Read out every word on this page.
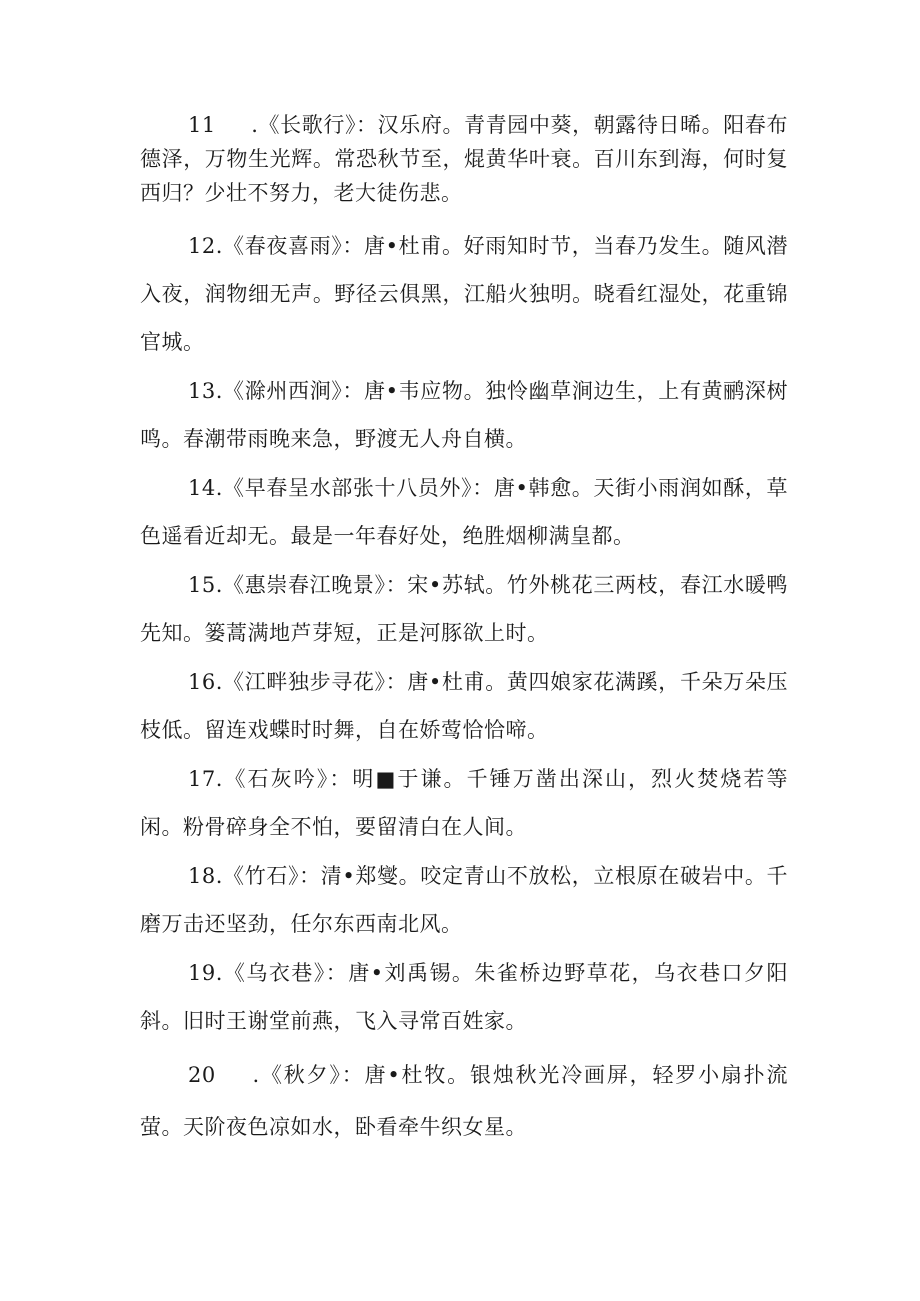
11 .《长歌行》：汉乐府。青青园中葵，朝露待日晞。阳春布德泽，万物生光辉。常恐秋节至，焜黄华叶衰。百川东到海，何时复西归？少壮不努力，老大徒伤悲。

12.《春夜喜雨》：唐•杜甫。好雨知时节，当春乃发生。随风潜入夜，润物细无声。野径云俱黑，江船火独明。晓看红湿处，花重锦官城。

13.《滁州西涧》：唐•韦应物。独怜幽草涧边生，上有黄鹂深树鸣。春潮带雨晚来急，野渡无人舟自横。

14.《早春呈水部张十八员外》：唐•韩愈。天街小雨润如酥，草色遥看近却无。最是一年春好处，绝胜烟柳满皇都。

15.《惠崇春江晚景》：宋•苏轼。竹外桃花三两枝，春江水暖鸭先知。篓蒿满地芦芽短，正是河豚欲上时。

16.《江畔独步寻花》：唐•杜甫。黄四娘家花满蹊，千朵万朵压枝低。留连戏蝶时时舞，自在娇莺恰恰啼。

17.《石灰吟》：明■于谦。千锤万凿出深山，烈火焚烧若等闲。粉骨碎身全不怕，要留清白在人间。

18.《竹石》：清•郑燮。咬定青山不放松，立根原在破岩中。千磨万击还坚劲，任尔东西南北风。

19.《乌衣巷》：唐•刘禹锡。朱雀桥边野草花，乌衣巷口夕阳斜。旧时王谢堂前燕，飞入寻常百姓家。

20 .《秋夕》：唐•杜牧。银烛秋光冷画屏，轻罗小扇扑流萤。天阶夜色凉如水，卧看牵牛织女星。
